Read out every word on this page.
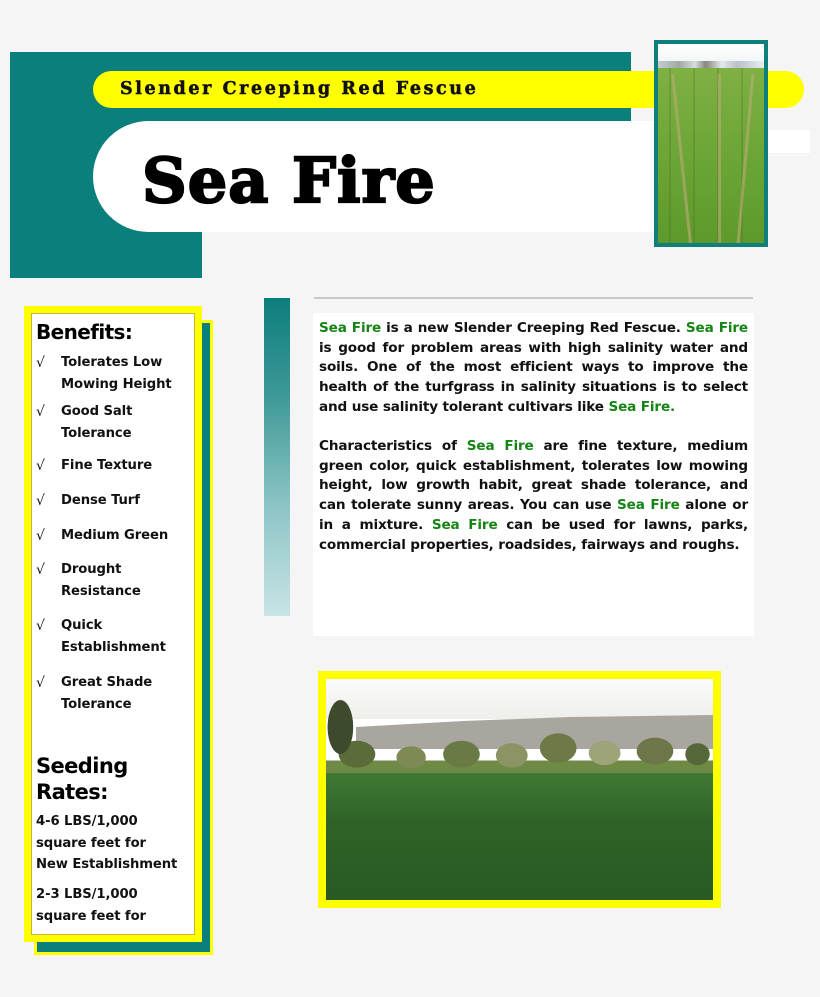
Slender Creeping Red Fescue
Sea Fire
Benefits:
√ Tolerates Low
Mowing Height
√ Good Salt
Tolerance
√ Fine Texture
√ Dense Turf
√ Medium Green
√ Drought
Resistance
√ Quick
Establishment
√ Great Shade
Tolerance
Seeding
Rates:
4-6 LBS/1,000
square feet for
New Establishment
2-3 LBS/1,000
square feet for

Sea Fire is a new Slender Creeping Red Fescue. Sea Fire is good for problem areas with high salinity water and soils. One of the most efficient ways to improve the health of the turfgrass in salinity situations is to select and use salinity tolerant cultivars like Sea Fire.

Characteristics of Sea Fire are fine texture, medium green color, quick establishment, tolerates low mowing height, low growth habit, great shade tolerance, and can tolerate sunny areas. You can use Sea Fire alone or in a mixture. Sea Fire can be used for lawns, parks, commercial properties, roadsides, fairways and roughs.
